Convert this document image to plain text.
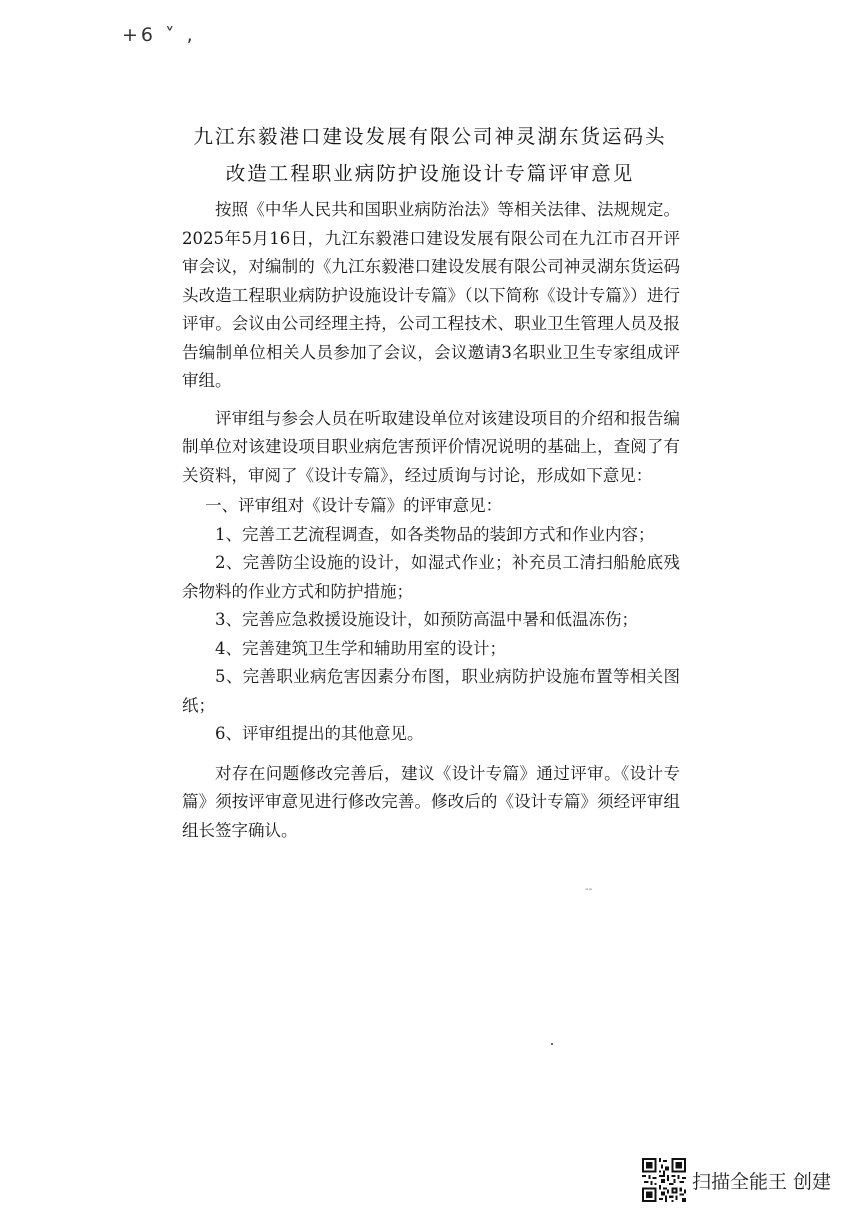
+6 ˅ ,
九江东毅港口建设发展有限公司神灵湖东货运码头
改造工程职业病防护设施设计专篇评审意见

按照《中华人民共和国职业病防治法》等相关法律、法规规定。2025年5月16日，九江东毅港口建设发展有限公司在九江市召开评审会议，对编制的《九江东毅港口建设发展有限公司神灵湖东货运码头改造工程职业病防护设施设计专篇》（以下简称《设计专篇》）进行评审。会议由公司经理主持，公司工程技术、职业卫生管理人员及报告编制单位相关人员参加了会议，会议邀请3名职业卫生专家组成评审组。

评审组与参会人员在听取建设单位对该建设项目的介绍和报告编制单位对该建设项目职业病危害预评价情况说明的基础上，查阅了有关资料，审阅了《设计专篇》，经过质询与讨论，形成如下意见：

一、评审组对《设计专篇》的评审意见：

1、完善工艺流程调查，如各类物品的装卸方式和作业内容；

2、完善防尘设施的设计，如湿式作业；补充员工清扫船舱底残余物料的作业方式和防护措施；

3、完善应急救援设施设计，如预防高温中暑和低温冻伤；

4、完善建筑卫生学和辅助用室的设计；

5、完善职业病危害因素分布图，职业病防护设施布置等相关图纸；

6、评审组提出的其他意见。

对存在问题修改完善后，建议《设计专篇》通过评审。《设计专篇》须按评审意见进行修改完善。修改后的《设计专篇》须经评审组组长签字确认。

--
扫描全能王 创建
